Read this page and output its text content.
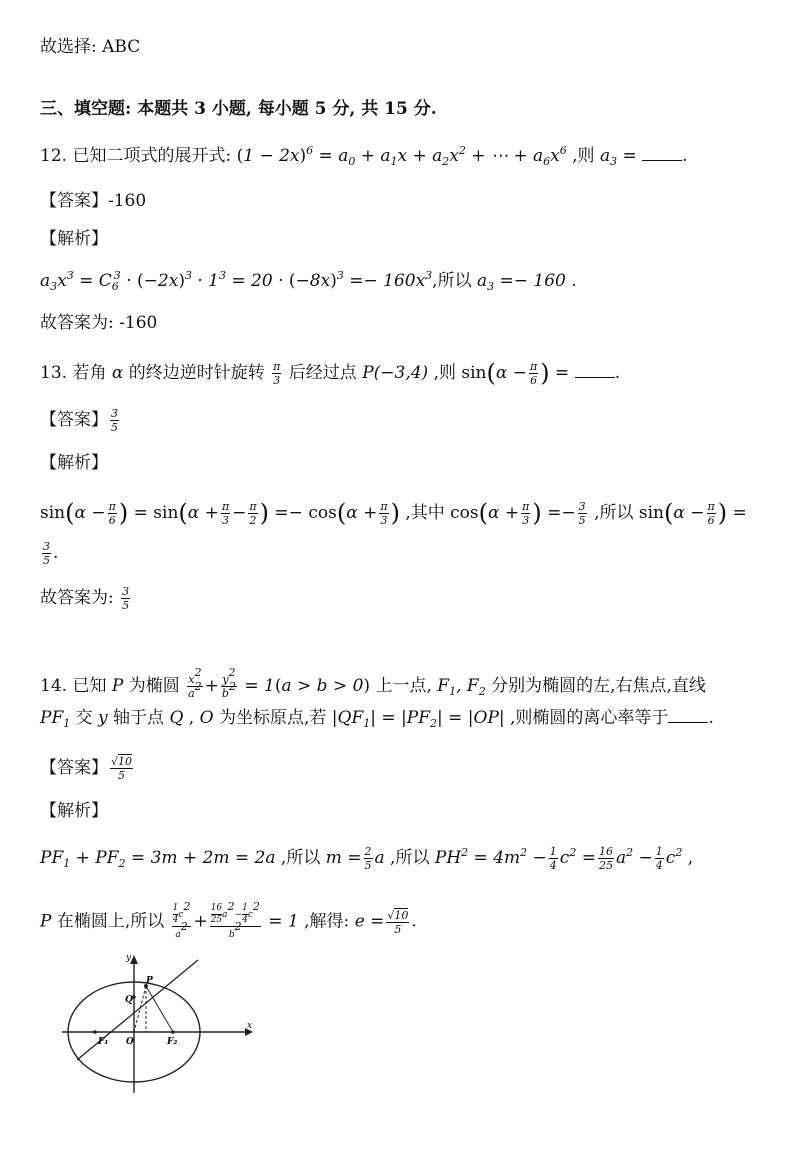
故选择: ABC
三、填空题: 本题共 3 小题, 每小题 5 分, 共 15 分.
12. 已知二项式的展开式: $(1 - 2x)^6 = a_0 + a_1x + a_2x^2$ + ⋯ + $a_6x^6$ ,则 $a_3$ = .
【答案】-160
【解析】
$a_3x^3 = C_6^3 \cdot (-2x)^3 \cdot 1^3 = 20 \cdot (-8x)^3 =- 160x^3$,所以 $a_3 =- 160$ .
故答案为: -160
13. 若角 α 的终边逆时针旋转 $\frac{\pi}{3}$ 后经过点 P(−3,4) ,则 $\sin(\alpha - \frac{\pi}{6}$ ) = .
【答案】 $\frac{3}{5}$
【解析】
$\sin(\alpha - \frac{\pi}{6}$ ) = $\sin(\alpha + \frac{\pi}{3} - \frac{\pi}{2}$ ) =− $\cos(\alpha + \frac{\pi}{3}$ ) ,其中 $\cos(\alpha + \frac{\pi}{3}$ ) =− $\frac{3}{5}$ ,所以 $\sin(\alpha - \frac{\pi}{6}$ ) =
$\frac{3}{5}$ .
故答案为: $\frac{3}{5}$
14. 已知 P 为椭圆 $\frac{x^2}{a^2} + \frac{y^2}{b^2} = 1(a > b > 0)$ 上一点, $F_1$, $F_2$ 分别为椭圆的左,右焦点,直线
$PF_1$ 交 y 轴于点 Q , O 为坐标原点,若 $|QF_1| = |PF_2| = |OP|$ ,则椭圆的离心率等于 .
【答案】 $\frac{√10}{5}$
【解析】
$PF_1 + PF_2 = 3m + 2m = 2a$ ,所以 $m = \frac{2}{5}$ a ,所以 $PH^2 = 4m^2 - \frac{1}{4} c^2 = \frac{16}{25} a^2 - \frac{1}{4} c^2$ ,
P 在椭圆上,所以 $\frac{\frac{1}{4} c^2}{a^2} + \frac{\frac{16}{25} a^2- \frac{1}{4} c^2}{b^2} = 1$ ,解得: $e = \frac{√10}{5}$ .
y
x
P
Q
O
F₁	F₂
